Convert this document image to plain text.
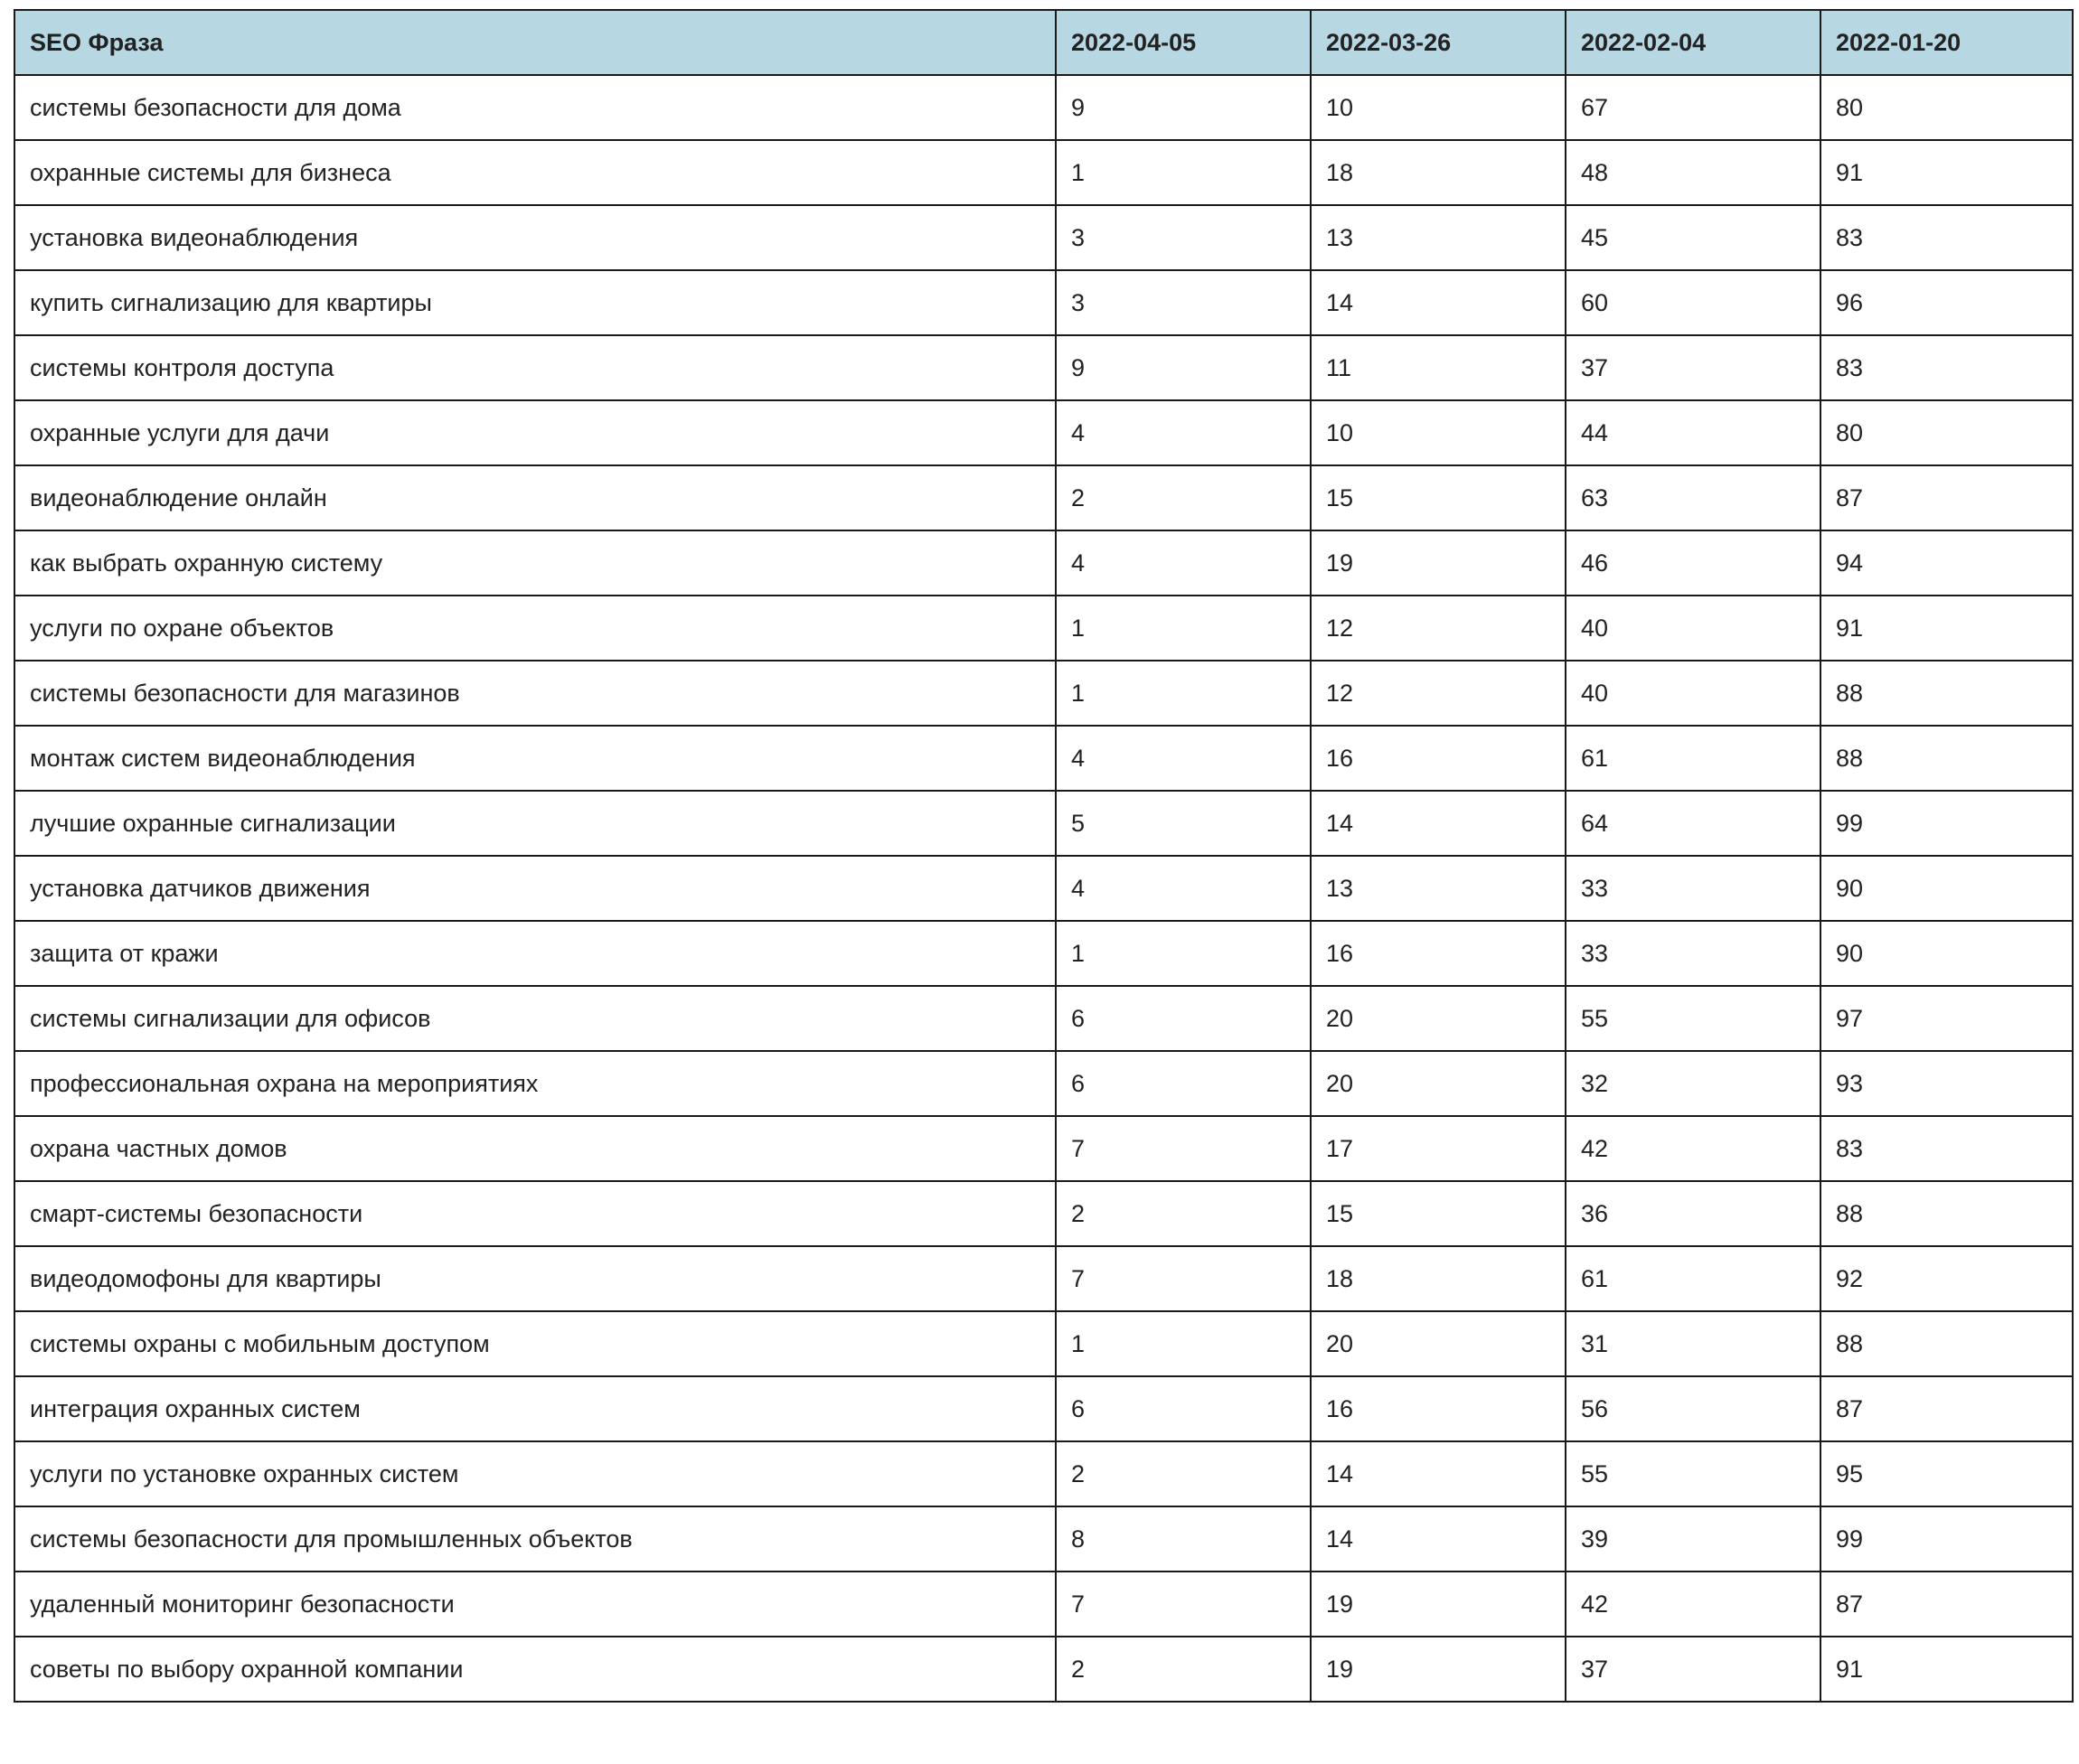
SEO Фраза	2022-04-05	2022-03-26	2022-02-04	2022-01-20
системы безопасности для дома	9	10	67	80
охранные системы для бизнеса	1	18	48	91
установка видеонаблюдения	3	13	45	83
купить сигнализацию для квартиры	3	14	60	96
системы контроля доступа	9	11	37	83
охранные услуги для дачи	4	10	44	80
видеонаблюдение онлайн	2	15	63	87
как выбрать охранную систему	4	19	46	94
услуги по охране объектов	1	12	40	91
системы безопасности для магазинов	1	12	40	88
монтаж систем видеонаблюдения	4	16	61	88
лучшие охранные сигнализации	5	14	64	99
установка датчиков движения	4	13	33	90
защита от кражи	1	16	33	90
системы сигнализации для офисов	6	20	55	97
профессиональная охрана на мероприятиях	6	20	32	93
охрана частных домов	7	17	42	83
смарт-системы безопасности	2	15	36	88
видеодомофоны для квартиры	7	18	61	92
системы охраны с мобильным доступом	1	20	31	88
интеграция охранных систем	6	16	56	87
услуги по установке охранных систем	2	14	55	95
системы безопасности для промышленных объектов	8	14	39	99
удаленный мониторинг безопасности	7	19	42	87
советы по выбору охранной компании	2	19	37	91
